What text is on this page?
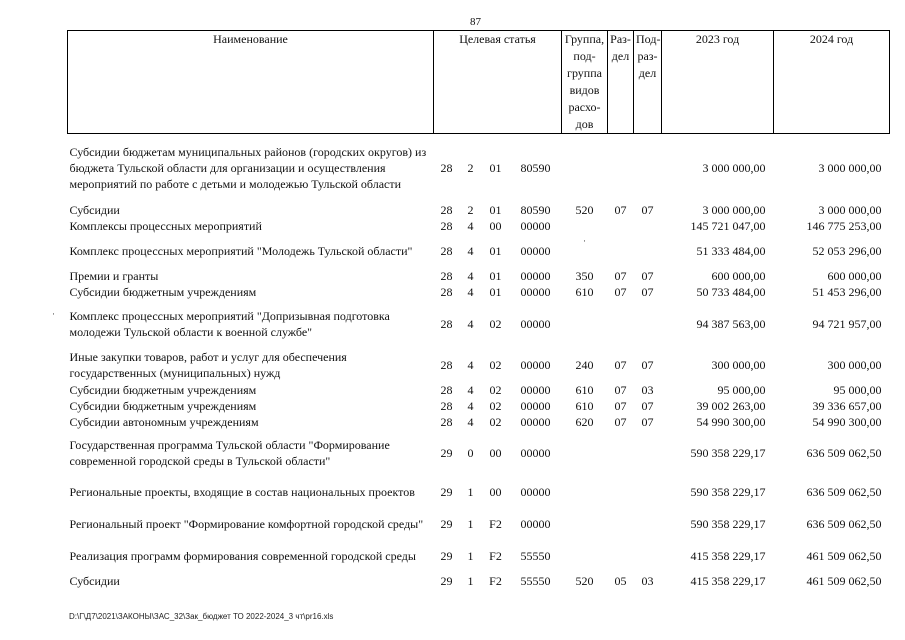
87
Наименование	Целевая статья				Группа, под-группа видов расхо-дов	Раз-дел	Под-раз-дел	2023 год	2024 год
Субсидии бюджетам муниципальных районов (городских округов) из бюджета Тульской области для организации и осуществления мероприятий по работе с детьми и молодежью Тульской области	28	2	01	80590				3 000 000,00	3 000 000,00
Субсидии	28	2	01	80590	520	07	07	3 000 000,00	3 000 000,00
Комплексы процессных мероприятий	28	4	00	00000				145 721 047,00	146 775 253,00
Комплекс процессных мероприятий "Молодежь Тульской области"	28	4	01	00000				51 333 484,00	52 053 296,00
Премии и гранты	28	4	01	00000	350	07	07	600 000,00	600 000,00
Субсидии бюджетным учреждениям	28	4	01	00000	610	07	07	50 733 484,00	51 453 296,00
Комплекс процессных мероприятий "Допризывная подготовка молодежи Тульской области к военной службе"	28	4	02	00000				94 387 563,00	94 721 957,00
Иные закупки товаров, работ и услуг для обеспечения государственных (муниципальных) нужд	28	4	02	00000	240	07	07	300 000,00	300 000,00
Субсидии бюджетным учреждениям	28	4	02	00000	610	07	03	95 000,00	95 000,00
Субсидии бюджетным учреждениям	28	4	02	00000	610	07	07	39 002 263,00	39 336 657,00
Субсидии автономным учреждениям	28	4	02	00000	620	07	07	54 990 300,00	54 990 300,00
Государственная программа Тульской области "Формирование современной городской среды в Тульской области"	29	0	00	00000				590 358 229,17	636 509 062,50
Региональные проекты, входящие в состав национальных проектов	29	1	00	00000				590 358 229,17	636 509 062,50
Региональный проект "Формирование комфортной городской среды"	29	1	F2	00000				590 358 229,17	636 509 062,50
Реализация программ формирования современной городской среды	29	1	F2	55550				415 358 229,17	461 509 062,50
Субсидии	29	1	F2	55550	520	05	03	415 358 229,17	461 509 062,50
D:\Г\Д7\2021\ЗАКОНЫ\ЗАС_32\Зак_бюджет ТО 2022-2024_3 чт\pr16.xls
·
·
